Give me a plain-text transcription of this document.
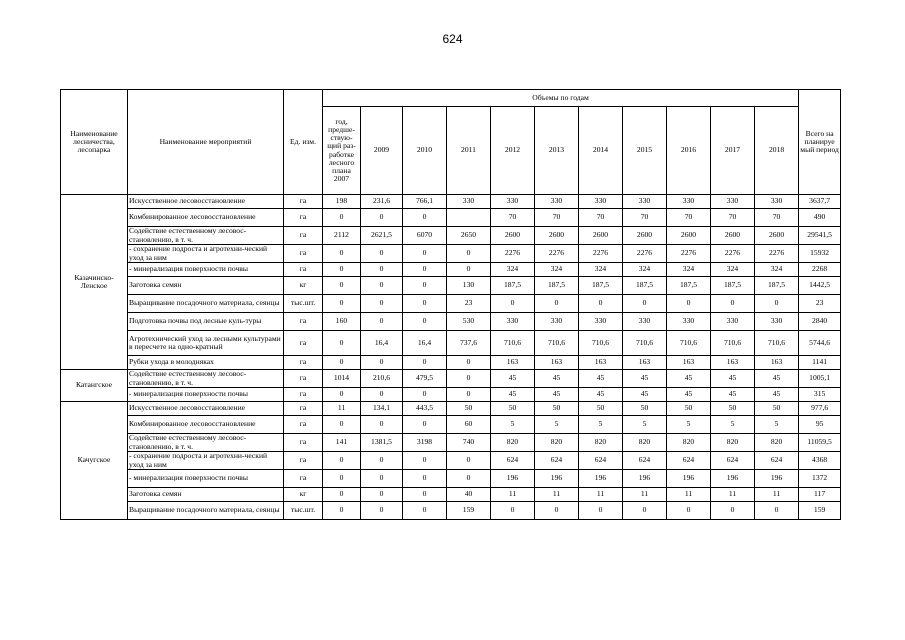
624
Наименование лесничества, лесопарка	Наименование мероприятий	Ед. изм.	Объемы по годам											Всего на планируе мый период
			год, предше-ствую-щий раз-работке лесного плана 2007	2009	2010	2011	2012	2013	2014	2015	2016	2017	2018	
Казачинско-Ленское	Искусственное лесовосстановление	га	198	231,6	766,1	330	330	330	330	330	330	330	330	3637,7
	Комбинированное лесовосстановление	га	0	0	0		70	70	70	70	70	70	70	490
	Содействие естественному лесовос-становлению, в т. ч.	га	2112	2621,5	6070	2650	2600	2600	2600	2600	2600	2600	2600	29541,5
	- сохранение подроста и агротехни-ческий уход за ним	га	0	0	0	0	2276	2276	2276	2276	2276	2276	2276	15932
	- минерализация поверхности почвы	га	0	0	0	0	324	324	324	324	324	324	324	2268
	Заготовка семян	кг	0	0	0	130	187,5	187,5	187,5	187,5	187,5	187,5	187,5	1442,5
	Выращивание посадочного материала, сеянцы	тыс.шт.	0	0	0	23	0	0	0	0	0	0	0	23
	Подготовка почвы под лесные куль-туры	га	160	0	0	530	330	330	330	330	330	330	330	2840
	Агротехнический уход за лесными культурами в пересчете на одно-кратный	га	0	16,4	16,4	737,6	710,6	710,6	710,6	710,6	710,6	710,6	710,6	5744,6
	Рубки ухода в молодняках	га	0	0	0	0	163	163	163	163	163	163	163	1141
Катангское	Содействие естественному лесовос-становлению, в т. ч.	га	1014	210,6	479,5	0	45	45	45	45	45	45	45	1005,1
	- минерализация поверхности почвы	га	0	0	0	0	45	45	45	45	45	45	45	315
Качугское	Искусственное лесовосстановление	га	11	134,1	443,5	50	50	50	50	50	50	50	50	977,6
	Комбинированное лесовосстановление	га	0	0	0	60	5	5	5	5	5	5	5	95
	Содействие естественному лесовос-становлению, в т. ч.	га	141	1381,5	3198	740	820	820	820	820	820	820	820	11059,5
	- сохранение подроста и агротехни-ческий уход за ним	га	0	0	0	0	624	624	624	624	624	624	624	4368
	- минерализация поверхности почвы	га	0	0	0	0	196	196	196	196	196	196	196	1372
	Заготовка семян	кг	0	0	0	40	11	11	11	11	11	11	11	117
	Выращивание посадочного материала, сеянцы	тыс.шт.	0	0	0	159	0	0	0	0	0	0	0	159
